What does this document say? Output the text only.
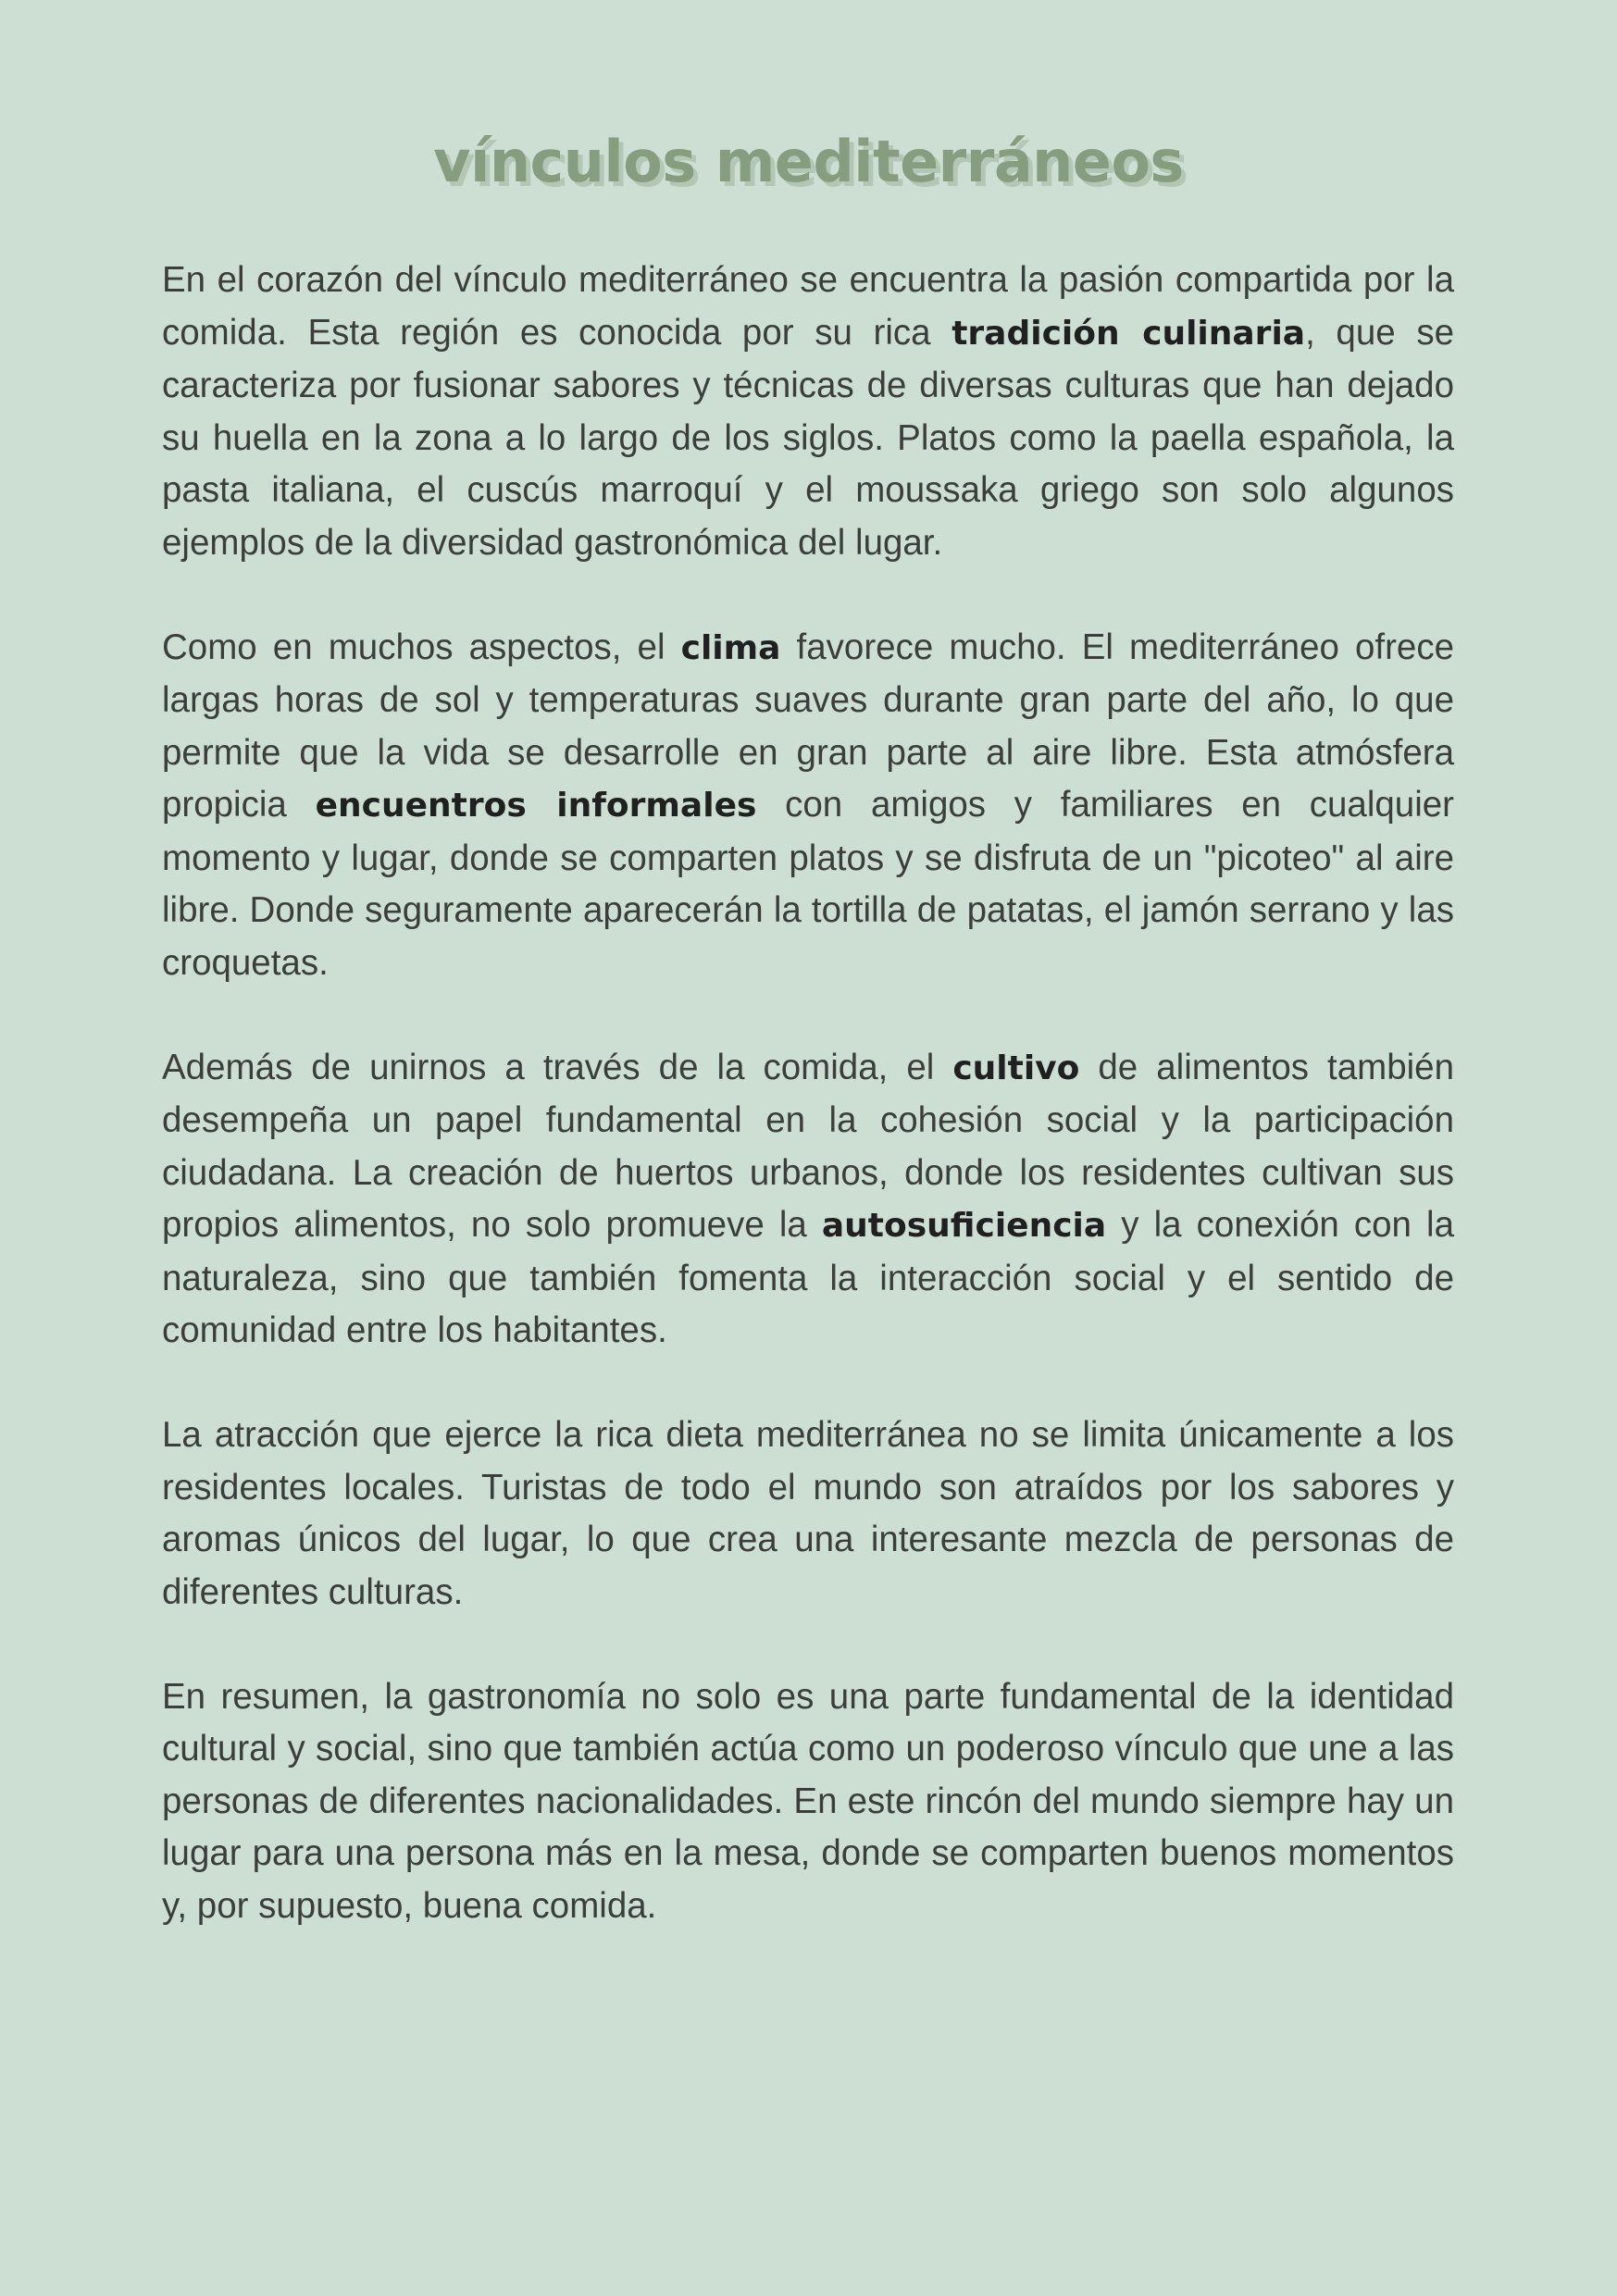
vínculos mediterráneos

En el corazón del vínculo mediterráneo se encuentra la pasión compartida por la comida. Esta región es conocida por su rica tradición culinaria, que se caracteriza por fusionar sabores y técnicas de diversas culturas que han dejado su huella en la zona a lo largo de los siglos. Platos como la paella española, la pasta italiana, el cuscús marroquí y el moussaka griego son solo algunos ejemplos de la diversidad gastronómica del lugar.

Como en muchos aspectos, el clima favorece mucho. El mediterráneo ofrece largas horas de sol y temperaturas suaves durante gran parte del año, lo que permite que la vida se desarrolle en gran parte al aire libre. Esta atmósfera propicia encuentros informales con amigos y familiares en cualquier momento y lugar, donde se comparten platos y se disfruta de un "picoteo" al aire libre. Donde seguramente aparecerán la tortilla de patatas, el jamón serrano y las croquetas.

Además de unirnos a través de la comida, el cultivo de alimentos también desempeña un papel fundamental en la cohesión social y la participación ciudadana. La creación de huertos urbanos, donde los residentes cultivan sus propios alimentos, no solo promueve la autosuficiencia y la conexión con la naturaleza, sino que también fomenta la interacción social y el sentido de comunidad entre los habitantes.

La atracción que ejerce la rica dieta mediterránea no se limita únicamente a los residentes locales. Turistas de todo el mundo son atraídos por los sabores y aromas únicos del lugar, lo que crea una interesante mezcla de personas de diferentes culturas.

En resumen, la gastronomía no solo es una parte fundamental de la identidad cultural y social, sino que también actúa como un poderoso vínculo que une a las personas de diferentes nacionalidades. En este rincón del mundo siempre hay un lugar para una persona más en la mesa, donde se comparten buenos momentos y, por supuesto, buena comida.
